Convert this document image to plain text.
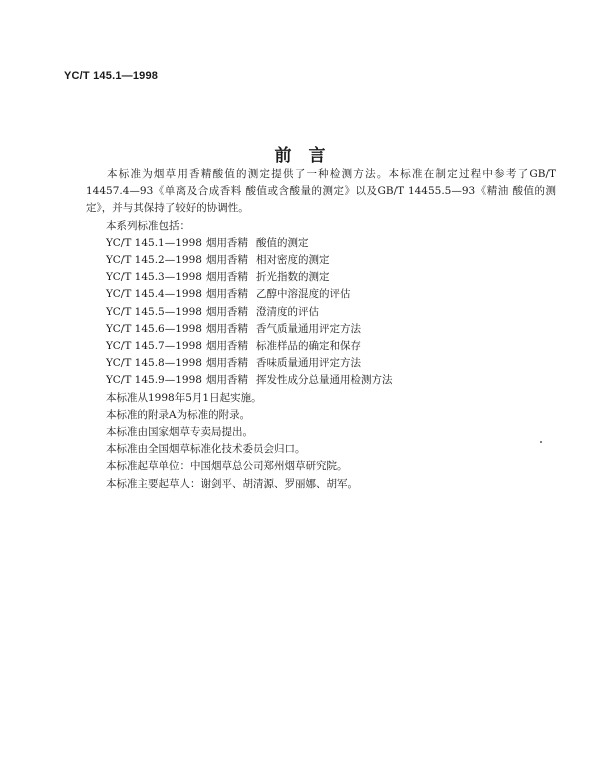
YC/T 145.1—1998
前　言

本标准为烟草用香精酸值的测定提供了一种检测方法。本标准在制定过程中参考了GB/T 14457.4—93《单离及合成香料 酸值或含酸量的测定》以及GB/T 14455.5—93《精油 酸值的测定》，并与其保持了较好的协调性。

本系列标准包括：

YC/T 145.1—1998 烟用香精 酸值的测定
YC/T 145.2—1998 烟用香精 相对密度的测定
YC/T 145.3—1998 烟用香精 折光指数的测定
YC/T 145.4—1998 烟用香精 乙醇中溶混度的评估
YC/T 145.5—1998 烟用香精 澄清度的评估
YC/T 145.6—1998 烟用香精 香气质量通用评定方法
YC/T 145.7—1998 烟用香精 标准样品的确定和保存
YC/T 145.8—1998 烟用香精 香味质量通用评定方法
YC/T 145.9—1998 烟用香精 挥发性成分总量通用检测方法

本标准从1998年5月1日起实施。

本标准的附录A为标准的附录。

本标准由国家烟草专卖局提出。

本标准由全国烟草标准化技术委员会归口。

本标准起草单位：中国烟草总公司郑州烟草研究院。

本标准主要起草人：谢剑平、胡清源、罗丽娜、胡军。
